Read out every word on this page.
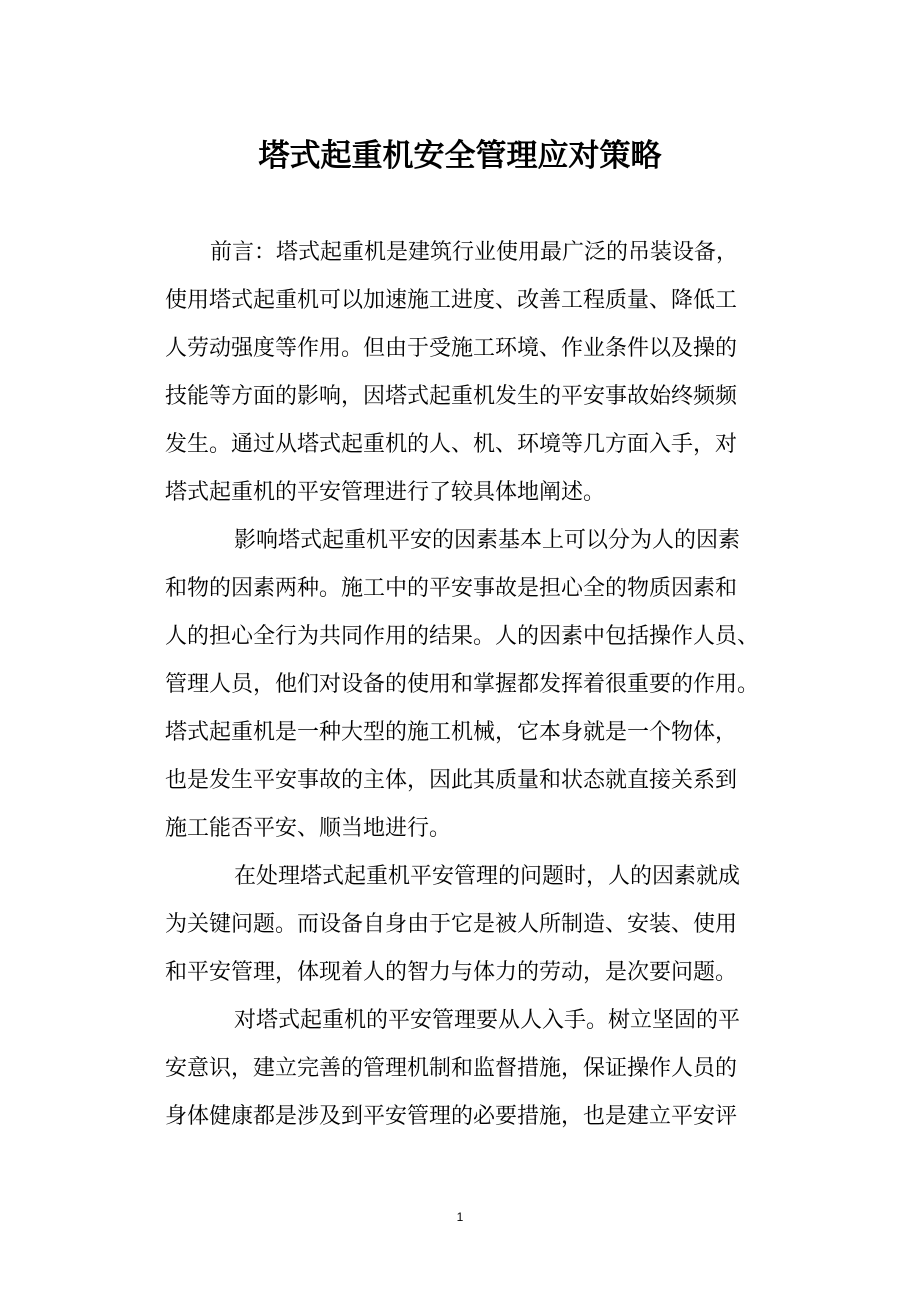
塔式起重机安全管理应对策略
前言：塔式起重机是建筑行业使用最广泛的吊装设备，
使用塔式起重机可以加速施工进度、改善工程质量、降低工
人劳动强度等作用。但由于受施工环境、作业条件以及操的
技能等方面的影响，因塔式起重机发生的平安事故始终频频
发生。通过从塔式起重机的人、机、环境等几方面入手，对
塔式起重机的平安管理进行了较具体地阐述。
影响塔式起重机平安的因素基本上可以分为人的因素
和物的因素两种。施工中的平安事故是担心全的物质因素和
人的担心全行为共同作用的结果。人的因素中包括操作人员、
管理人员，他们对设备的使用和掌握都发挥着很重要的作用。
塔式起重机是一种大型的施工机械，它本身就是一个物体，
也是发生平安事故的主体，因此其质量和状态就直接关系到
施工能否平安、顺当地进行。
在处理塔式起重机平安管理的问题时，人的因素就成
为关键问题。而设备自身由于它是被人所制造、安装、使用
和平安管理，体现着人的智力与体力的劳动，是次要问题。
对塔式起重机的平安管理要从人入手。树立坚固的平
安意识，建立完善的管理机制和监督措施，保证操作人员的
身体健康都是涉及到平安管理的必要措施，也是建立平安评
1
